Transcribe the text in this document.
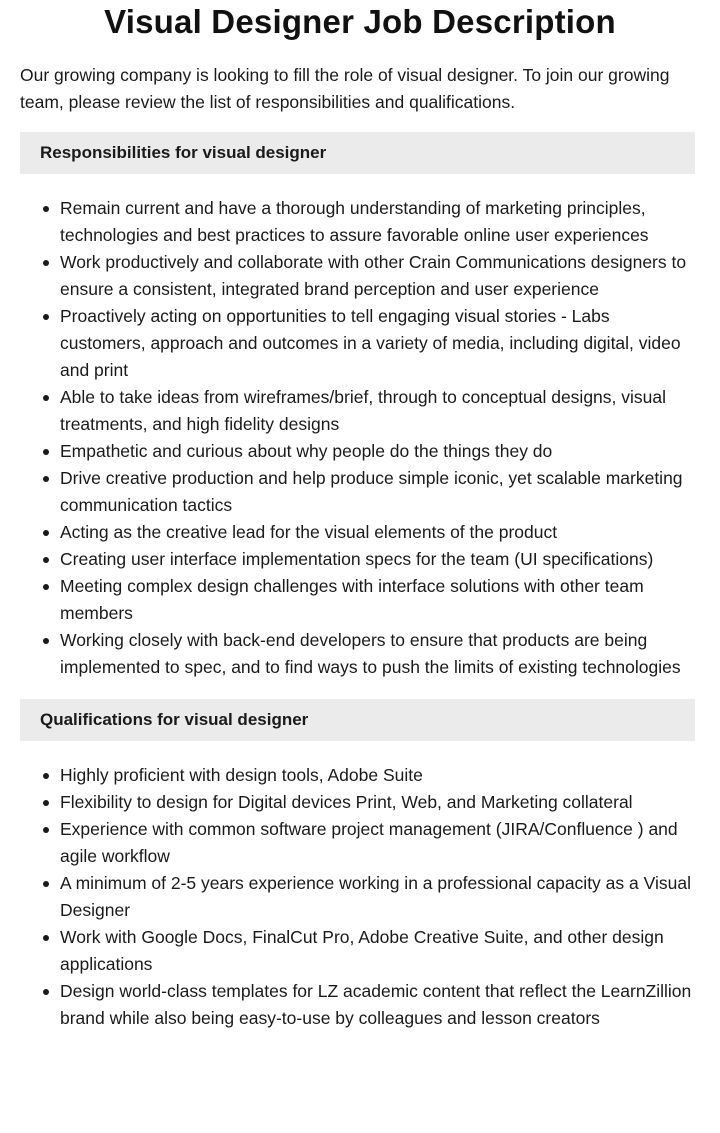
Visual Designer Job Description

Our growing company is looking to fill the role of visual designer. To join our growing team, please review the list of responsibilities and qualifications.

Responsibilities for visual designer
Remain current and have a thorough understanding of marketing principles, technologies and best practices to assure favorable online user experiences
Work productively and collaborate with other Crain Communications designers to ensure a consistent, integrated brand perception and user experience
Proactively acting on opportunities to tell engaging visual stories - Labs customers, approach and outcomes in a variety of media, including digital, video and print
Able to take ideas from wireframes/brief, through to conceptual designs, visual treatments, and high fidelity designs
Empathetic and curious about why people do the things they do
Drive creative production and help produce simple iconic, yet scalable marketing communication tactics
Acting as the creative lead for the visual elements of the product
Creating user interface implementation specs for the team (UI specifications)
Meeting complex design challenges with interface solutions with other team members
Working closely with back-end developers to ensure that products are being implemented to spec, and to find ways to push the limits of existing technologies
Qualifications for visual designer
Highly proficient with design tools, Adobe Suite
Flexibility to design for Digital devices Print, Web, and Marketing collateral
Experience with common software project management (JIRA/Confluence ) and agile workflow
A minimum of 2-5 years experience working in a professional capacity as a Visual Designer
Work with Google Docs, FinalCut Pro, Adobe Creative Suite, and other design applications
Design world-class templates for LZ academic content that reflect the LearnZillion brand while also being easy-to-use by colleagues and lesson creators
